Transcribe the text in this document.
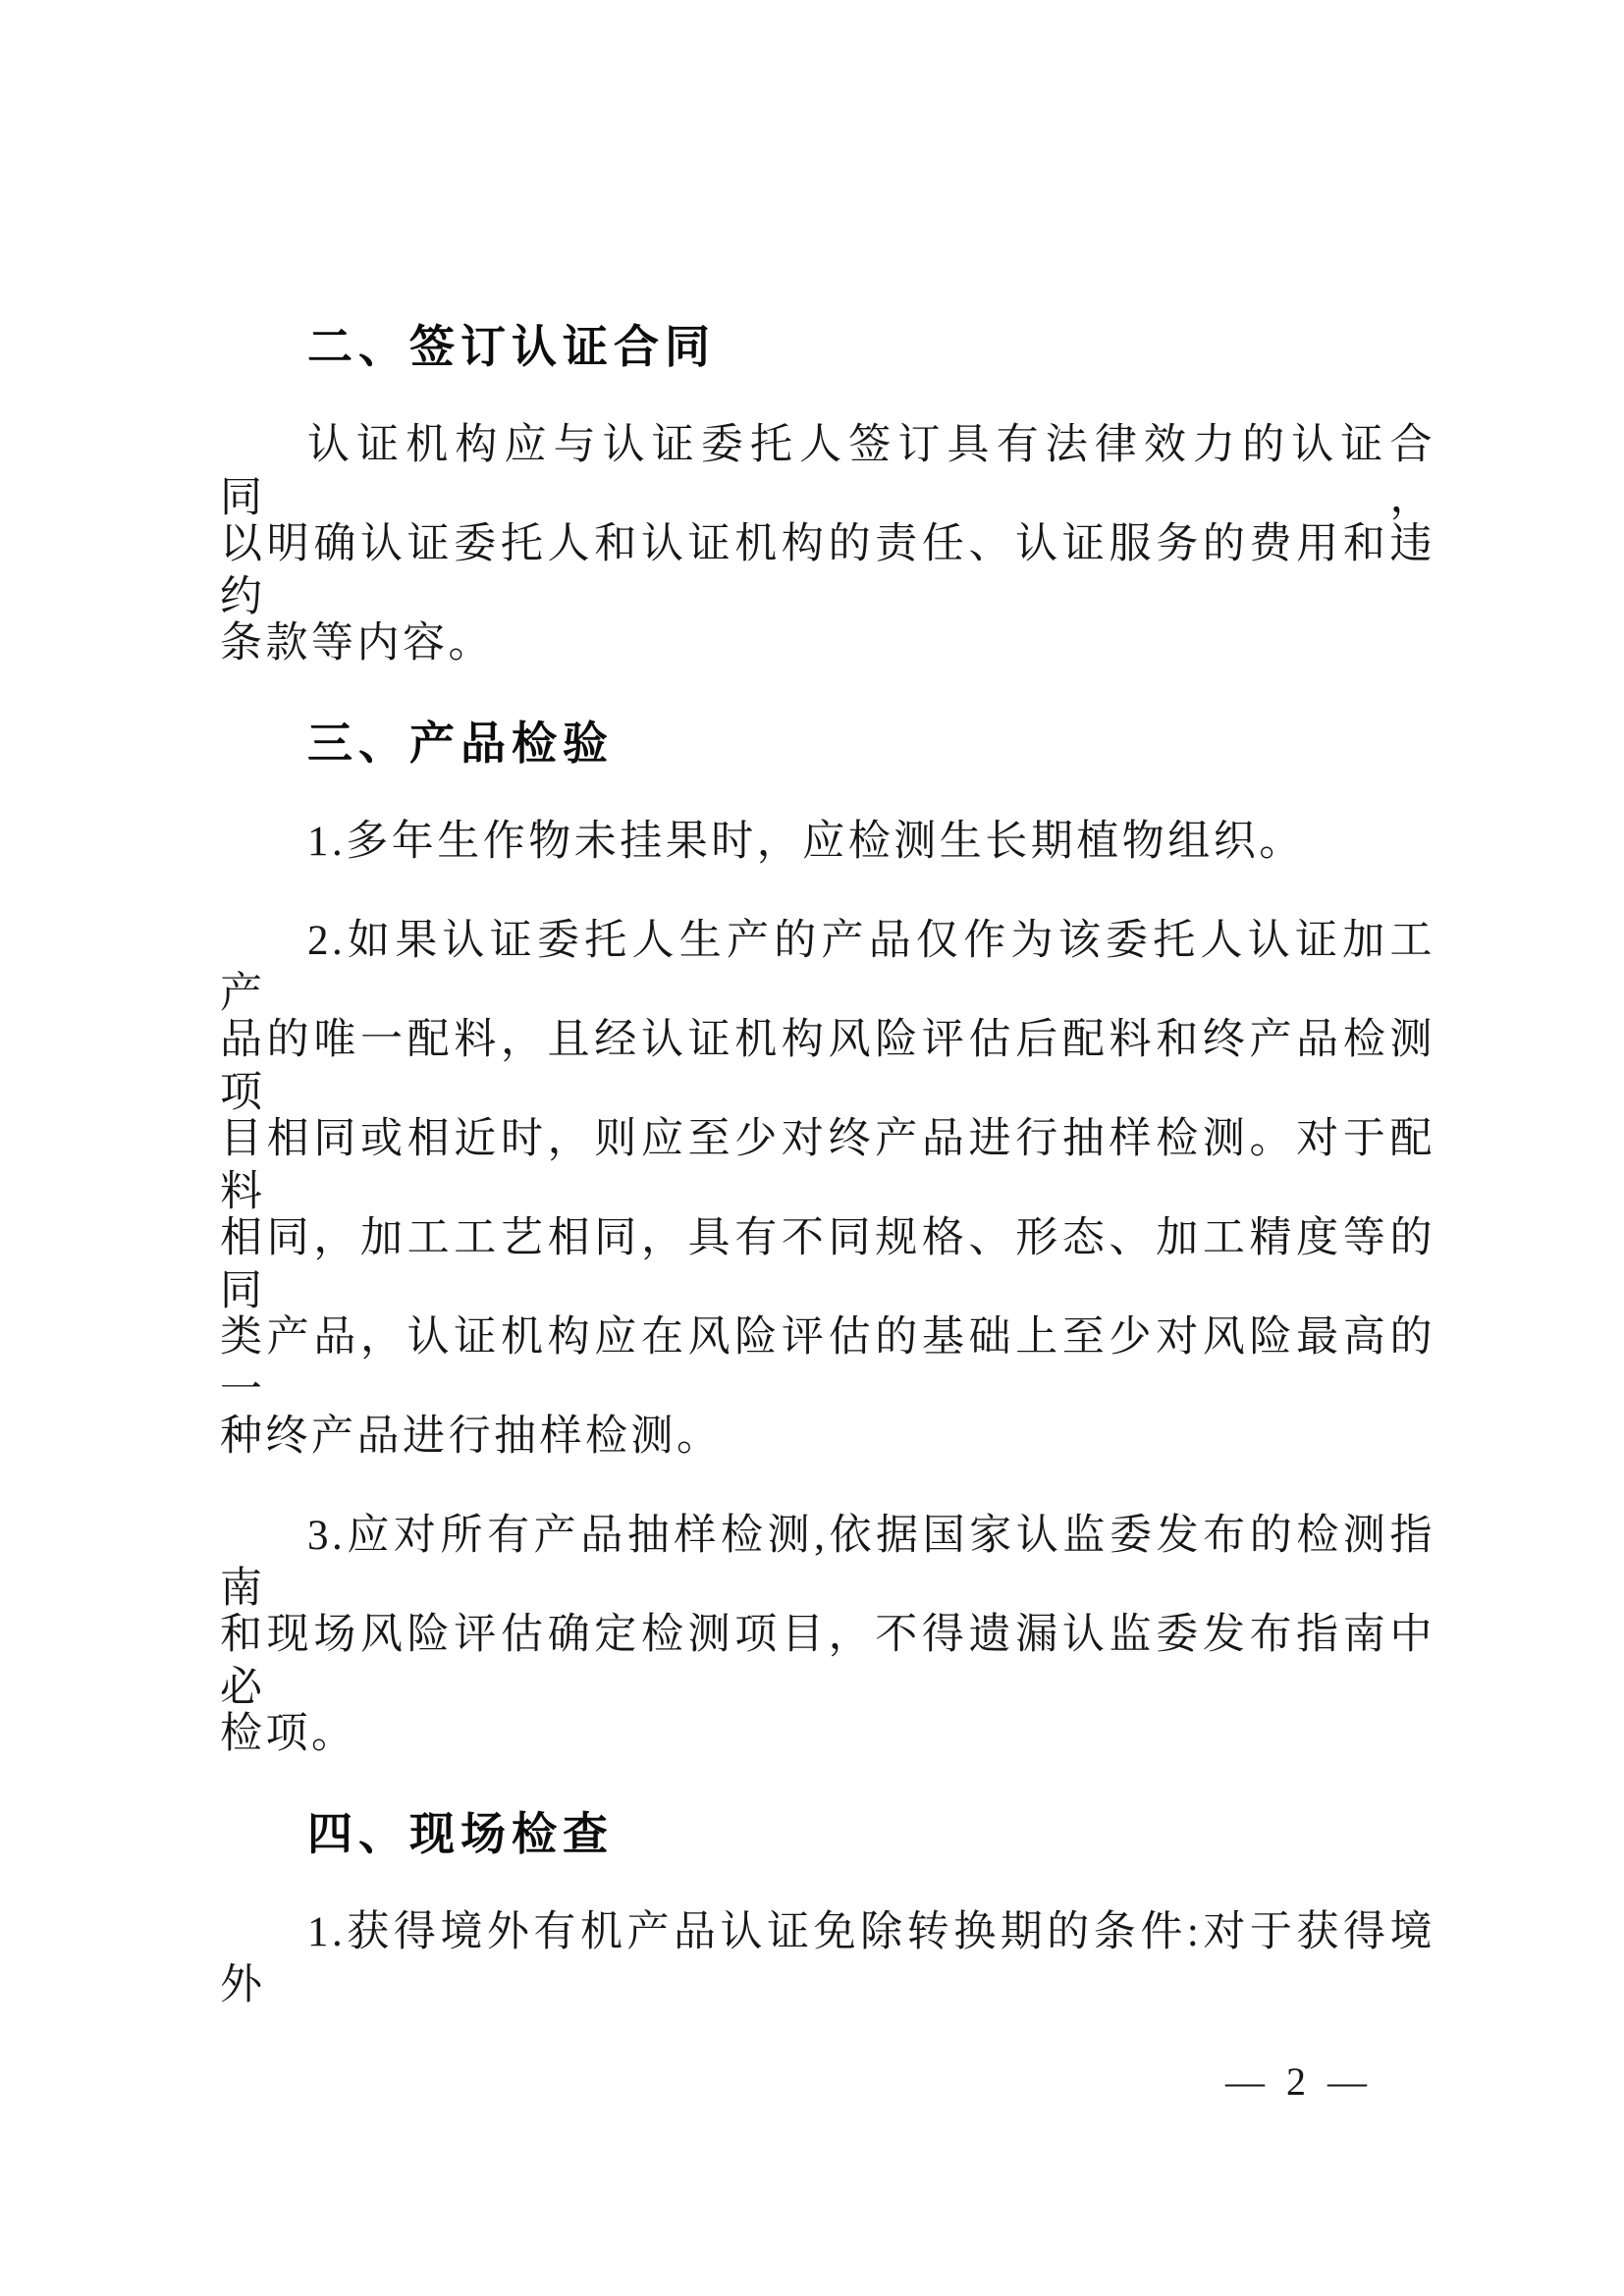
二、签订认证合同
认证机构应与认证委托人签订具有法律效力的认证合同，
以明确认证委托人和认证机构的责任、认证服务的费用和违约
条款等内容。
三、产品检验
1.多年生作物未挂果时，应检测生长期植物组织。
2.如果认证委托人生产的产品仅作为该委托人认证加工产
品的唯一配料，且经认证机构风险评估后配料和终产品检测项
目相同或相近时，则应至少对终产品进行抽样检测。对于配料
相同，加工工艺相同，具有不同规格、形态、加工精度等的同
类产品，认证机构应在风险评估的基础上至少对风险最高的一
种终产品进行抽样检测。
3.应对所有产品抽样检测,依据国家认监委发布的检测指南
和现场风险评估确定检测项目，不得遗漏认监委发布指南中必
检项。
四、现场检查
1.获得境外有机产品认证免除转换期的条件:对于获得境外
— 2 —
